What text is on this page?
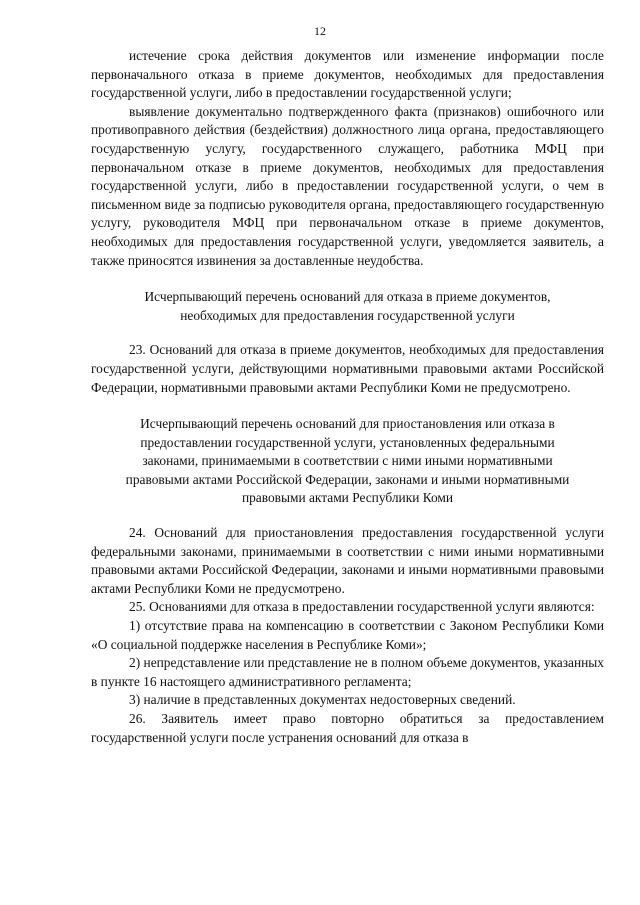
12

истечение срока действия документов или изменение информации после первоначального отказа в приеме документов, необходимых для предоставления государственной услуги, либо в предоставлении государственной услуги;

выявление документально подтвержденного факта (признаков) ошибочного или противоправного действия (бездействия) должностного лица органа, предоставляющего государственную услугу, государственного служащего, работника МФЦ при первоначальном отказе в приеме документов, необходимых для предоставления государственной услуги, либо в предоставлении государственной услуги, о чем в письменном виде за подписью руководителя органа, предоставляющего государственную услугу, руководителя МФЦ при первоначальном отказе в приеме документов, необходимых для предоставления государственной услуги, уведомляется заявитель, а также приносятся извинения за доставленные неудобства.

Исчерпывающий перечень оснований для отказа в приеме документов, необходимых для предоставления государственной услуги

23. Оснований для отказа в приеме документов, необходимых для предоставления государственной услуги, действующими нормативными правовыми актами Российской Федерации, нормативными правовыми актами Республики Коми не предусмотрено.

Исчерпывающий перечень оснований для приостановления или отказа в предоставлении государственной услуги, установленных федеральными законами, принимаемыми в соответствии с ними иными нормативными правовыми актами Российской Федерации, законами и иными нормативными правовыми актами Республики Коми

24. Оснований для приостановления предоставления государственной услуги федеральными законами, принимаемыми в соответствии с ними иными нормативными правовыми актами Российской Федерации, законами и иными нормативными правовыми актами Республики Коми не предусмотрено.

25. Основаниями для отказа в предоставлении государственной услуги являются:

1) отсутствие права на компенсацию в соответствии с Законом Республики Коми «О социальной поддержке населения в Республике Коми»;

2) непредставление или представление не в полном объеме документов, указанных в пункте 16 настоящего административного регламента;

3) наличие в представленных документах недостоверных сведений.

26. Заявитель имеет право повторно обратиться за предоставлением государственной услуги после устранения оснований для отказа в
